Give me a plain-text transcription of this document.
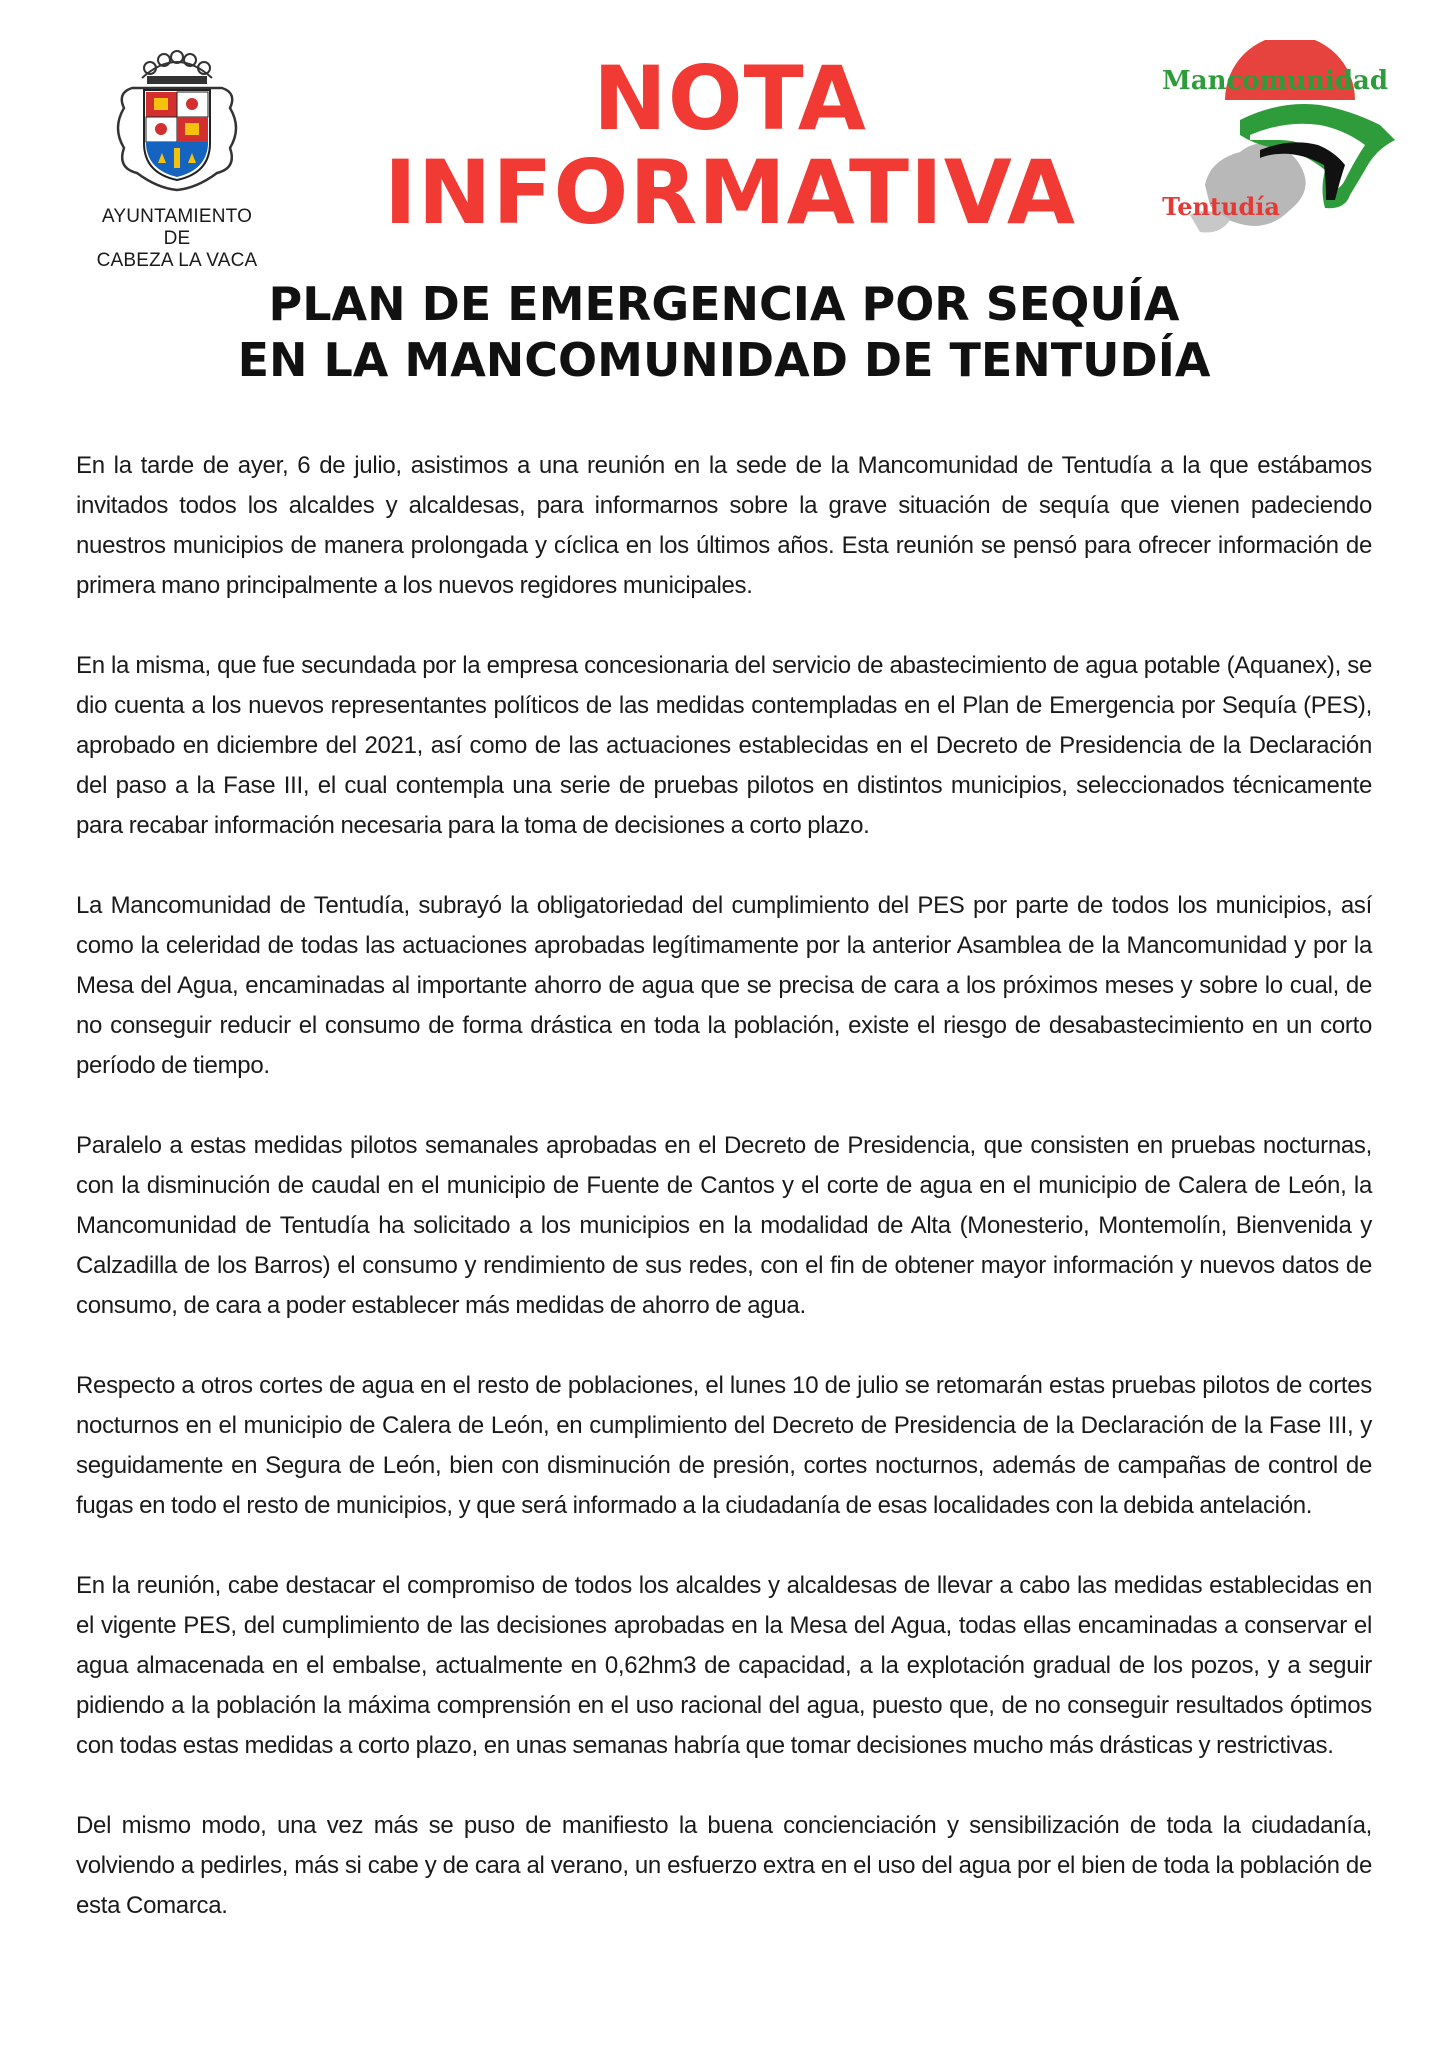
AYUNTAMIENTO DE
CABEZA LA VACA
NOTA
INFORMATIVA
Mancomunidad
Tentudía
PLAN DE EMERGENCIA POR SEQUÍA
EN LA MANCOMUNIDAD DE TENTUDÍA

En la tarde de ayer, 6 de julio, asistimos a una reunión en la sede de la Mancomunidad de Tentudía a la que estábamos invitados todos los alcaldes y alcaldesas, para informarnos sobre la grave situación de sequía que vienen padeciendo nuestros municipios de manera prolongada y cíclica en los últimos años. Esta reunión se pensó para ofrecer información de primera mano principalmente a los nuevos regidores municipales.

En la misma, que fue secundada por la empresa concesionaria del servicio de abastecimiento de agua potable (Aquanex), se dio cuenta a los nuevos representantes políticos de las medidas contempladas en el Plan de Emergencia por Sequía (PES), aprobado en diciembre del 2021, así como de las actuaciones establecidas en el Decreto de Presidencia de la Declaración del paso a la Fase III, el cual contempla una serie de pruebas pilotos en distintos municipios, seleccionados técnicamente para recabar información necesaria para la toma de decisiones a corto plazo.

La Mancomunidad de Tentudía, subrayó la obligatoriedad del cumplimiento del PES por parte de todos los municipios, así como la celeridad de todas las actuaciones aprobadas legítimamente por la anterior Asamblea de la Mancomunidad y por la Mesa del Agua, encaminadas al importante ahorro de agua que se precisa de cara a los próximos meses y sobre lo cual, de no conseguir reducir el consumo de forma drástica en toda la población, existe el riesgo de desabastecimiento en un corto período de tiempo.

Paralelo a estas medidas pilotos semanales aprobadas en el Decreto de Presidencia, que consisten en pruebas nocturnas, con la disminución de caudal en el municipio de Fuente de Cantos y el corte de agua en el municipio de Calera de León, la Mancomunidad de Tentudía ha solicitado a los municipios en la modalidad de Alta (Monesterio, Montemolín, Bienvenida y Calzadilla de los Barros) el consumo y rendimiento de sus redes, con el fin de obtener mayor información y nuevos datos de consumo, de cara a poder establecer más medidas de ahorro de agua.

Respecto a otros cortes de agua en el resto de poblaciones, el lunes 10 de julio se retomarán estas pruebas pilotos de cortes nocturnos en el municipio de Calera de León, en cumplimiento del Decreto de Presidencia de la Declaración de la Fase III, y seguidamente en Segura de León, bien con disminución de presión, cortes nocturnos, además de campañas de control de fugas en todo el resto de municipios, y que será informado a la ciudadanía de esas localidades con la debida antelación.

En la reunión, cabe destacar el compromiso de todos los alcaldes y alcaldesas de llevar a cabo las medidas establecidas en el vigente PES, del cumplimiento de las decisiones aprobadas en la Mesa del Agua, todas ellas encaminadas a conservar el agua almacenada en el embalse, actualmente en 0,62hm3 de capacidad, a la explotación gradual de los pozos, y a seguir pidiendo a la población la máxima comprensión en el uso racional del agua, puesto que, de no conseguir resultados óptimos con todas estas medidas a corto plazo, en unas semanas habría que tomar decisiones mucho más drásticas y restrictivas.

Del mismo modo, una vez más se puso de manifiesto la buena concienciación y sensibilización de toda la ciudadanía, volviendo a pedirles, más si cabe y de cara al verano, un esfuerzo extra en el uso del agua por el bien de toda la población de esta Comarca.
